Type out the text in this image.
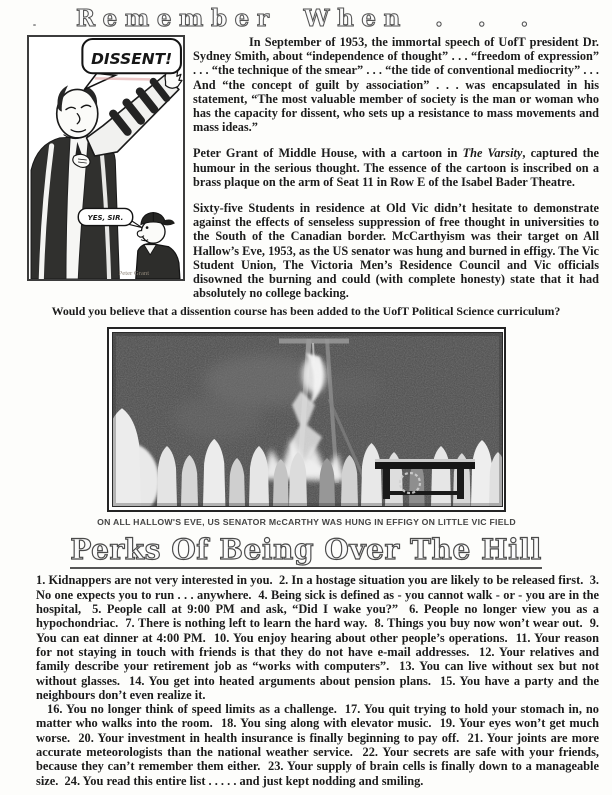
Remember When . . .
DISSENT!
YES, SIR.
Peter Grant

In September of 1953, the immortal speech of UofT president Dr. Sydney Smith, about “independence of thought” . . . “freedom of expression” . . . “the technique of the smear” . . . “the tide of conventional mediocrity” . . . And “the concept of guilt by association” . . . was encapsulated in his statement, “The most valuable member of society is the man or woman who has the capacity for dissent, who sets up a resistance to mass movements and mass ideas.”

Peter Grant of Middle House, with a cartoon in The Varsity, captured the humour in the serious thought. The essence of the cartoon is inscribed on a brass plaque on the arm of Seat 11 in Row E of the Isabel Bader Theatre.

Sixty-five Students in residence at Old Vic didn’t hesitate to demonstrate against the effects of senseless suppression of free thought in universities to the South of the Canadian border. McCarthyism was their target on All Hallow’s Eve, 1953, as the US senator was hung and burned in effigy. The Vic Student Union, The Victoria Men’s Residence Council and Vic officials disowned the burning and could (with complete honesty) state that it had absolutely no college backing.

Would you believe that a dissention course has been added to the UofT Political Science curriculum?

ON ALL HALLOW'S EVE, US SENATOR McCARTHY WAS HUNG IN EFFIGY ON LITTLE VIC FIELD
Perks Of Being Over The Hill

1. Kidnappers are not very interested in you.  2. In a hostage situation you are likely to be released first.  3. No one expects you to run . . . anywhere.  4. Being sick is defined as - you cannot walk - or - you are in the hospital,  5. People call at 9:00 PM and ask, “Did I wake you?”  6. People no longer view you as a hypochondriac.  7. There is nothing left to learn the hard way.  8. Things you buy now won’t wear out.  9. You can eat dinner at 4:00 PM.  10. You enjoy hearing about other people’s operations.  11. Your reason for not staying in touch with friends is that they do not have e-mail addresses.  12. Your relatives and family describe your retirement job as “works with computers”.  13. You can live without sex but not without glasses.  14. You get into heated arguments about pension plans.  15. You have a party and the neighbours don’t even realize it.

16. You no longer think of speed limits as a challenge.  17. You quit trying to hold your stomach in, no matter who walks into the room.  18. You sing along with elevator music.  19. Your eyes won’t get much worse.  20. Your investment in health insurance is finally beginning to pay off.  21. Your joints are more accurate meteorologists than the national weather service.  22. Your secrets are safe with your friends, because they can’t remember them either.  23. Your supply of brain cells is finally down to a manageable size.  24. You read this entire list . . . . . and just kept nodding and smiling.
